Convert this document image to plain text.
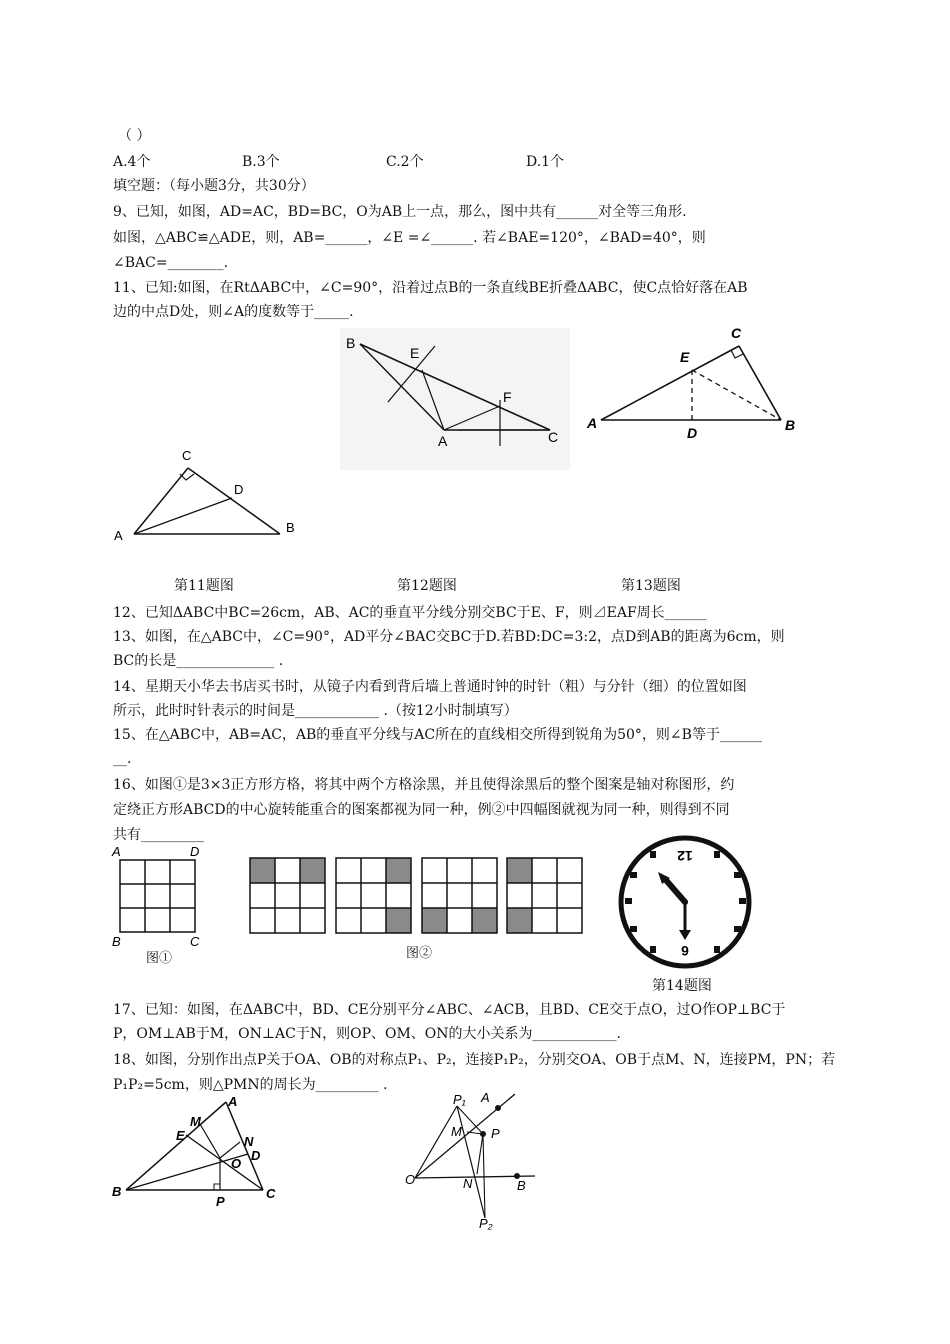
（ ）
A.4个	B.3个	C.2个	D.1个
填空题：（每小题3分，共30分）
9、已知，如图，AD=AC，BD=BC，O为AB上一点，那么，图中共有______对全等三角形.
如图，△ABC≌△ADE，则，AB=______，∠E =∠______. 若∠BAE=120°，∠BAD=40°，则
∠BAC=________.
11、已知:如图，在RtΔABC中，∠C=90°，沿着过点B的一条直线BE折叠ΔABC，使C点恰好落在AB
边的中点D处，则∠A的度数等于_____.
B
E
F
A	C
C
E
A
D	B
C
D
A
B
第11题图	第12题图	第13题图
12、已知ΔABC中BC=26cm，AB、AC的垂直平分线分别交BC于E、F，则⊿EAF周长______
13、如图，在△ABC中，∠C=90°，AD平分∠BAC交BC于D.若BD:DC=3:2，点D到AB的距离为6cm，则
BC的长是______________ .
14、星期天小华去书店买书时，从镜子内看到背后墙上普通时钟的时针（粗）与分针（细）的位置如图
所示，此时时针表示的时间是____________ .（按12小时制填写）
15、在△ABC中，AB=AC，AB的垂直平分线与AC所在的直线相交所得到锐角为50°，则∠B等于______
__.
16、如图①是3×3正方形方格，将其中两个方格涂黑，并且使得涂黑后的整个图案是轴对称图形，约
定绕正方形ABCD的中心旋转能重合的图案都视为同一种，例②中四幅图就视为同一种，则得到不同
共有_________
A	D
B	C
图①	图②
12
6
第14题图
17、已知：如图，在ΔABC中，BD、CE分别平分∠ABC、∠ACB，且BD、CE交于点O，过O作OP⊥BC于
P，OM⊥AB于M，ON⊥AC于N，则OP、OM、ON的大小关系为____________.
18、如图，分别作出点P关于OA、OB的对称点P₁、P₂，连接P₁P₂，分别交OA、OB于点M、N，连接PM，PN；若
P₁P₂=5cm，则△PMN的周长为_________ .
A
M
E	N
D
O
B
P
C
P₁ A
M P
O	N	B
P₂
